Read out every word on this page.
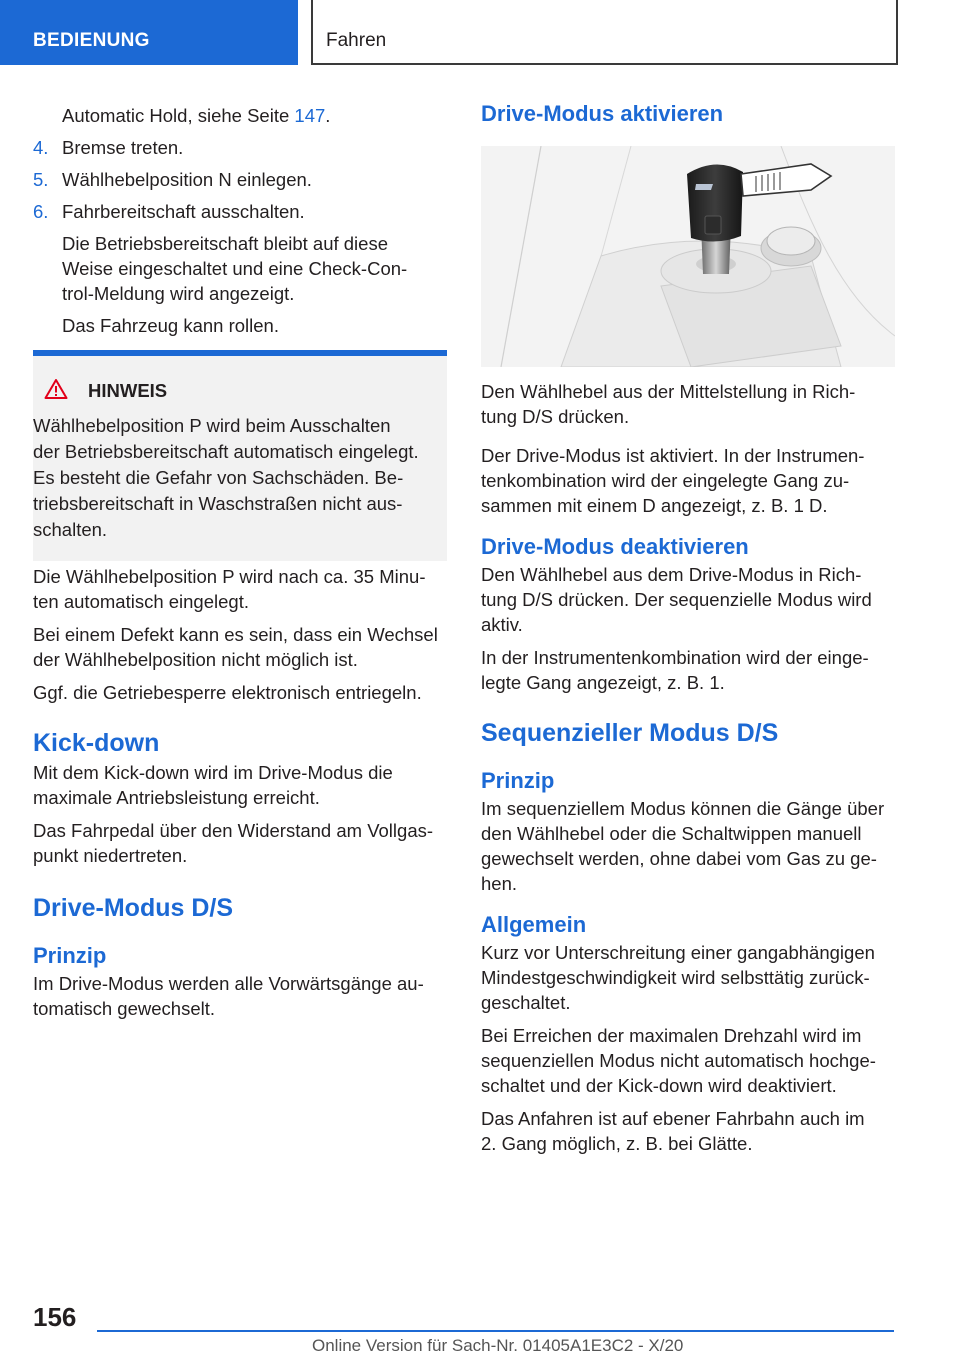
BEDIENUNG	Fahren
Automatic Hold, siehe Seite 147.
4. Bremse treten.
5. Wählhebelposition N einlegen.
6. Fahrbereitschaft ausschalten.
Die Betriebsbereitschaft bleibt auf diese
Weise eingeschaltet und eine Check-Con-
trol-Meldung wird angezeigt.
Das Fahrzeug kann rollen.
HINWEIS
Wählhebelposition P wird beim Ausschalten
der Betriebsbereitschaft automatisch eingelegt.
Es besteht die Gefahr von Sachschäden. Be-
triebsbereitschaft in Waschstraßen nicht aus-
schalten.
Die Wählhebelposition P wird nach ca. 35 Minu-
ten automatisch eingelegt.
Bei einem Defekt kann es sein, dass ein Wechsel
der Wählhebelposition nicht möglich ist.
Ggf. die Getriebesperre elektronisch entriegeln.
Kick-down
Mit dem Kick-down wird im Drive-Modus die
maximale Antriebsleistung erreicht.
Das Fahrpedal über den Widerstand am Vollgas-
punkt niedertreten.
Drive-Modus D/S
Prinzip
Im Drive-Modus werden alle Vorwärtsgänge au-
tomatisch gewechselt.
Drive-Modus aktivieren
Den Wählhebel aus der Mittelstellung in Rich-
tung D/S drücken.
Der Drive-Modus ist aktiviert. In der Instrumen-
tenkombination wird der eingelegte Gang zu-
sammen mit einem D angezeigt, z. B. 1 D.
Drive-Modus deaktivieren
Den Wählhebel aus dem Drive-Modus in Rich-
tung D/S drücken. Der sequenzielle Modus wird
aktiv.
In der Instrumentenkombination wird der einge-
legte Gang angezeigt, z. B. 1.
Sequenzieller Modus D/S
Prinzip
Im sequenziellem Modus können die Gänge über
den Wählhebel oder die Schaltwippen manuell
gewechselt werden, ohne dabei vom Gas zu ge-
hen.
Allgemein
Kurz vor Unterschreitung einer gangabhängigen
Mindestgeschwindigkeit wird selbsttätig zurück-
geschaltet.
Bei Erreichen der maximalen Drehzahl wird im
sequenziellen Modus nicht automatisch hochge-
schaltet und der Kick-down wird deaktiviert.
Das Anfahren ist auf ebener Fahrbahn auch im
2. Gang möglich, z. B. bei Glätte.
156
Online Version für Sach-Nr. 01405A1E3C2 - X/20
